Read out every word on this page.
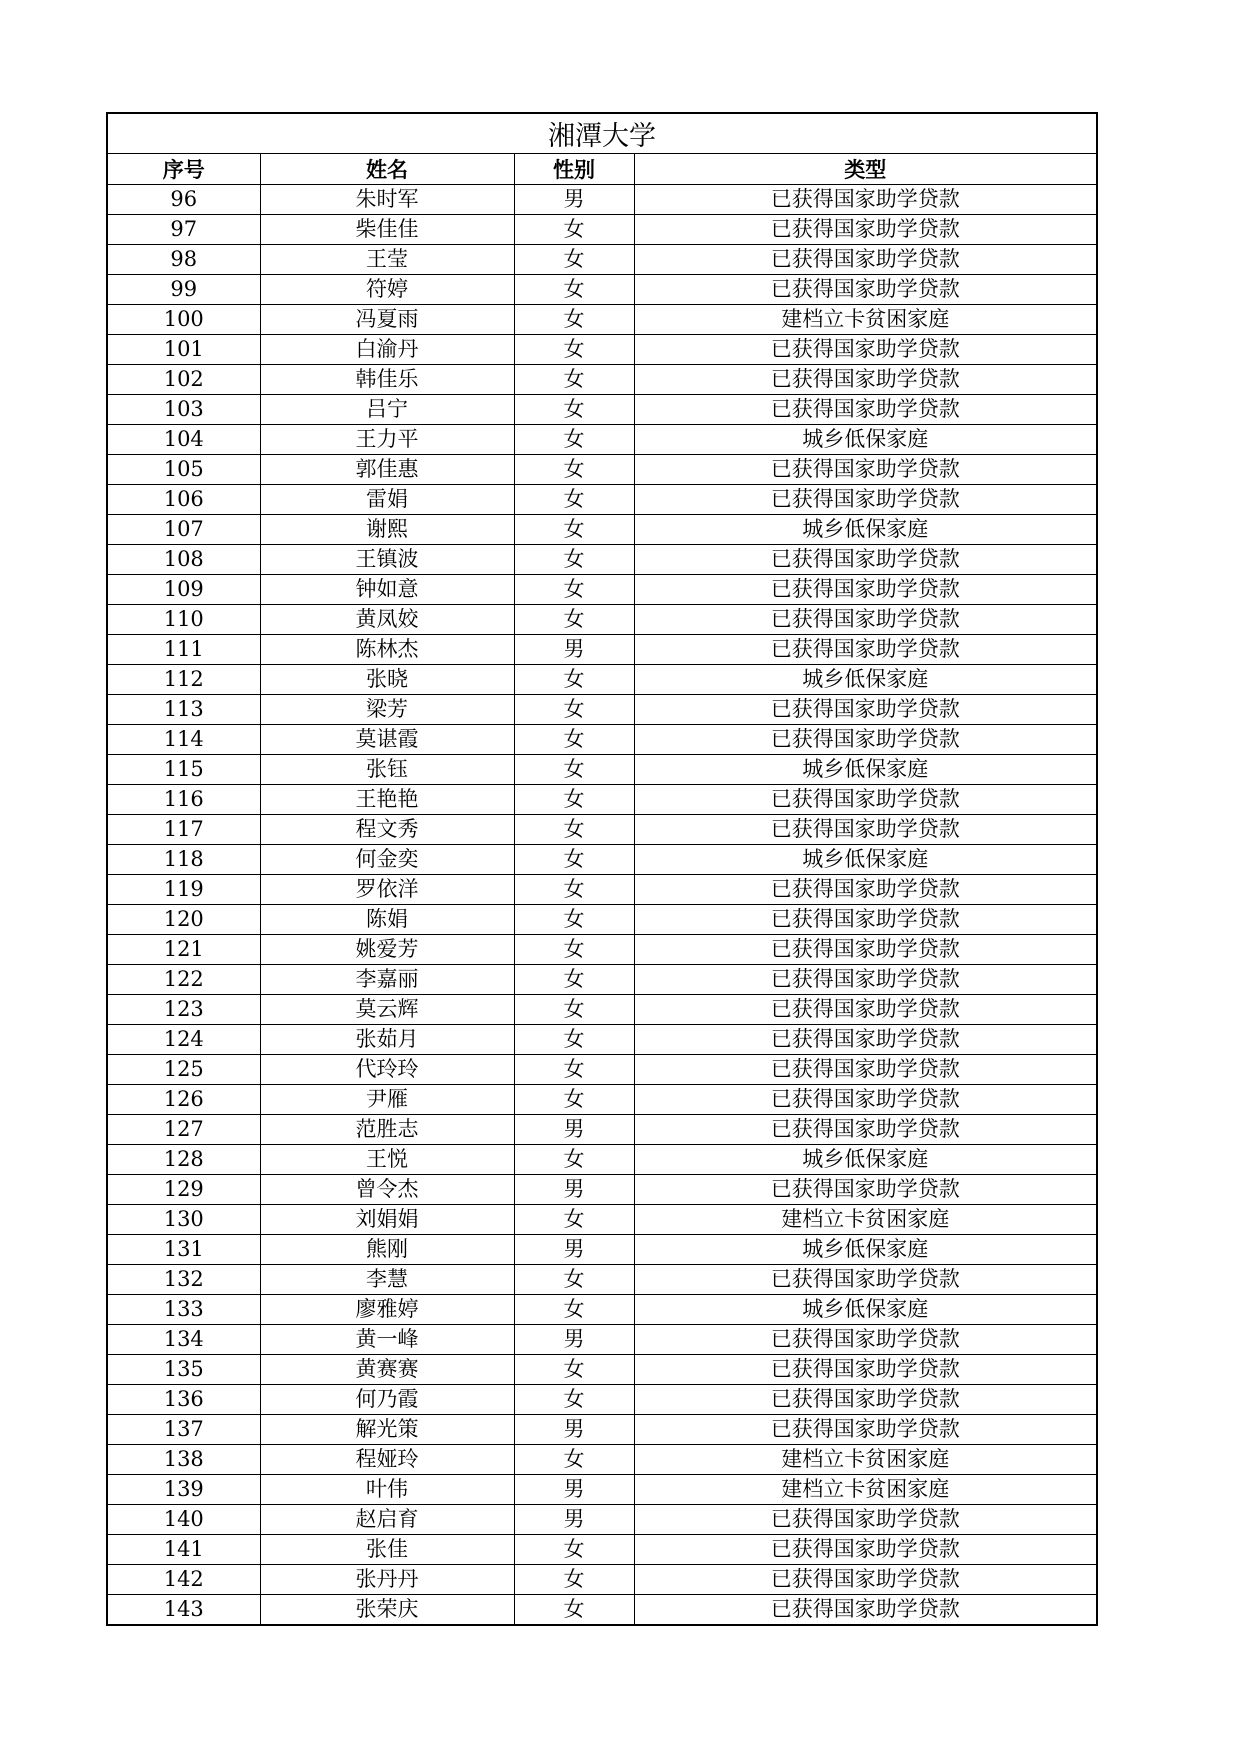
湘潭大学			
序号	姓名	性别	类型
96	朱时军	男	已获得国家助学贷款
97	柴佳佳	女	已获得国家助学贷款
98	王莹	女	已获得国家助学贷款
99	符婷	女	已获得国家助学贷款
100	冯夏雨	女	建档立卡贫困家庭
101	白渝丹	女	已获得国家助学贷款
102	韩佳乐	女	已获得国家助学贷款
103	吕宁	女	已获得国家助学贷款
104	王力平	女	城乡低保家庭
105	郭佳惠	女	已获得国家助学贷款
106	雷娟	女	已获得国家助学贷款
107	谢熙	女	城乡低保家庭
108	王镇波	女	已获得国家助学贷款
109	钟如意	女	已获得国家助学贷款
110	黄凤姣	女	已获得国家助学贷款
111	陈林杰	男	已获得国家助学贷款
112	张晓	女	城乡低保家庭
113	梁芳	女	已获得国家助学贷款
114	莫谌霞	女	已获得国家助学贷款
115	张钰	女	城乡低保家庭
116	王艳艳	女	已获得国家助学贷款
117	程文秀	女	已获得国家助学贷款
118	何金奕	女	城乡低保家庭
119	罗依洋	女	已获得国家助学贷款
120	陈娟	女	已获得国家助学贷款
121	姚爱芳	女	已获得国家助学贷款
122	李嘉丽	女	已获得国家助学贷款
123	莫云辉	女	已获得国家助学贷款
124	张茹月	女	已获得国家助学贷款
125	代玲玲	女	已获得国家助学贷款
126	尹雁	女	已获得国家助学贷款
127	范胜志	男	已获得国家助学贷款
128	王悦	女	城乡低保家庭
129	曾令杰	男	已获得国家助学贷款
130	刘娟娟	女	建档立卡贫困家庭
131	熊刚	男	城乡低保家庭
132	李慧	女	已获得国家助学贷款
133	廖雅婷	女	城乡低保家庭
134	黄一峰	男	已获得国家助学贷款
135	黄赛赛	女	已获得国家助学贷款
136	何乃霞	女	已获得国家助学贷款
137	解光策	男	已获得国家助学贷款
138	程娅玲	女	建档立卡贫困家庭
139	叶伟	男	建档立卡贫困家庭
140	赵启育	男	已获得国家助学贷款
141	张佳	女	已获得国家助学贷款
142	张丹丹	女	已获得国家助学贷款
143	张荣庆	女	已获得国家助学贷款
